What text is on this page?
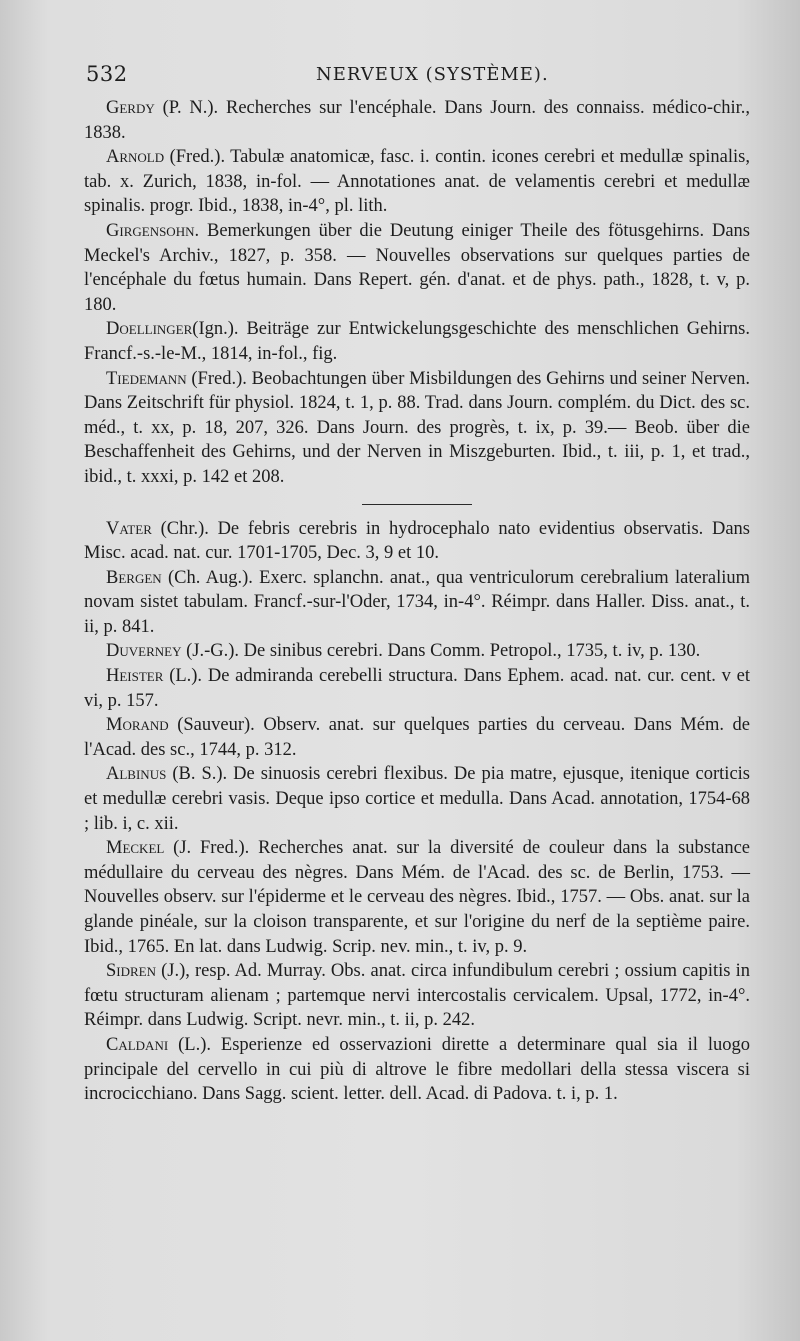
532	NERVEUX (SYSTÈME).

Gerdy (P. N.). Recherches sur l'encéphale. Dans Journ. des connaiss. médico-chir., 1838.

Arnold (Fred.). Tabulæ anatomicæ, fasc. i. contin. icones cerebri et medullæ spinalis, tab. x. Zurich, 1838, in-fol. — Annotationes anat. de velamentis cerebri et medullæ spinalis. progr. Ibid., 1838, in-4°, pl. lith.

Girgensohn. Bemerkungen über die Deutung einiger Theile des fötusgehirns. Dans Meckel's Archiv., 1827, p. 358. — Nouvelles observations sur quelques parties de l'encéphale du fœtus humain. Dans Repert. gén. d'anat. et de phys. path., 1828, t. v, p. 180.

Doellinger(Ign.). Beiträge zur Entwickelungsgeschichte des menschlichen Gehirns. Francf.-s.-le-M., 1814, in-fol., fig.

Tiedemann (Fred.). Beobachtungen über Misbildungen des Gehirns und seiner Nerven. Dans Zeitschrift für physiol. 1824, t. 1, p. 88. Trad. dans Journ. complém. du Dict. des sc. méd., t. xx, p. 18, 207, 326. Dans Journ. des progrès, t. ix, p. 39.— Beob. über die Beschaffenheit des Gehirns, und der Nerven in Miszgeburten. Ibid., t. iii, p. 1, et trad., ibid., t. xxxi, p. 142 et 208.

Vater (Chr.). De febris cerebris in hydrocephalo nato evidentius observatis. Dans Misc. acad. nat. cur. 1701-1705, Dec. 3, 9 et 10.

Bergen (Ch. Aug.). Exerc. splanchn. anat., qua ventriculorum cerebralium lateralium novam sistet tabulam. Francf.-sur-l'Oder, 1734, in-4°. Réimpr. dans Haller. Diss. anat., t. ii, p. 841.

Duverney (J.-G.). De sinibus cerebri. Dans Comm. Petropol., 1735, t. iv, p. 130.

Heister (L.). De admiranda cerebelli structura. Dans Ephem. acad. nat. cur. cent. v et vi, p. 157.

Morand (Sauveur). Observ. anat. sur quelques parties du cerveau. Dans Mém. de l'Acad. des sc., 1744, p. 312.

Albinus (B. S.). De sinuosis cerebri flexibus. De pia matre, ejusque, itenique corticis et medullæ cerebri vasis. Deque ipso cortice et medulla. Dans Acad. annotation, 1754-68 ; lib. i, c. xii.

Meckel (J. Fred.). Recherches anat. sur la diversité de couleur dans la substance médullaire du cerveau des nègres. Dans Mém. de l'Acad. des sc. de Berlin, 1753. — Nouvelles observ. sur l'épiderme et le cerveau des nègres. Ibid., 1757. — Obs. anat. sur la glande pinéale, sur la cloison transparente, et sur l'origine du nerf de la septième paire. Ibid., 1765. En lat. dans Ludwig. Scrip. nev. min., t. iv, p. 9.

Sidren (J.), resp. Ad. Murray. Obs. anat. circa infundibulum cerebri ; ossium capitis in fœtu structuram alienam ; partemque nervi intercostalis cervicalem. Upsal, 1772, in-4°. Réimpr. dans Ludwig. Script. nevr. min., t. ii, p. 242.

Caldani (L.). Esperienze ed osservazioni dirette a determinare qual sia il luogo principale del cervello in cui più di altrove le fibre medollari della stessa viscera si incrocicchiano. Dans Sagg. scient. letter. dell. Acad. di Padova. t. i, p. 1.
